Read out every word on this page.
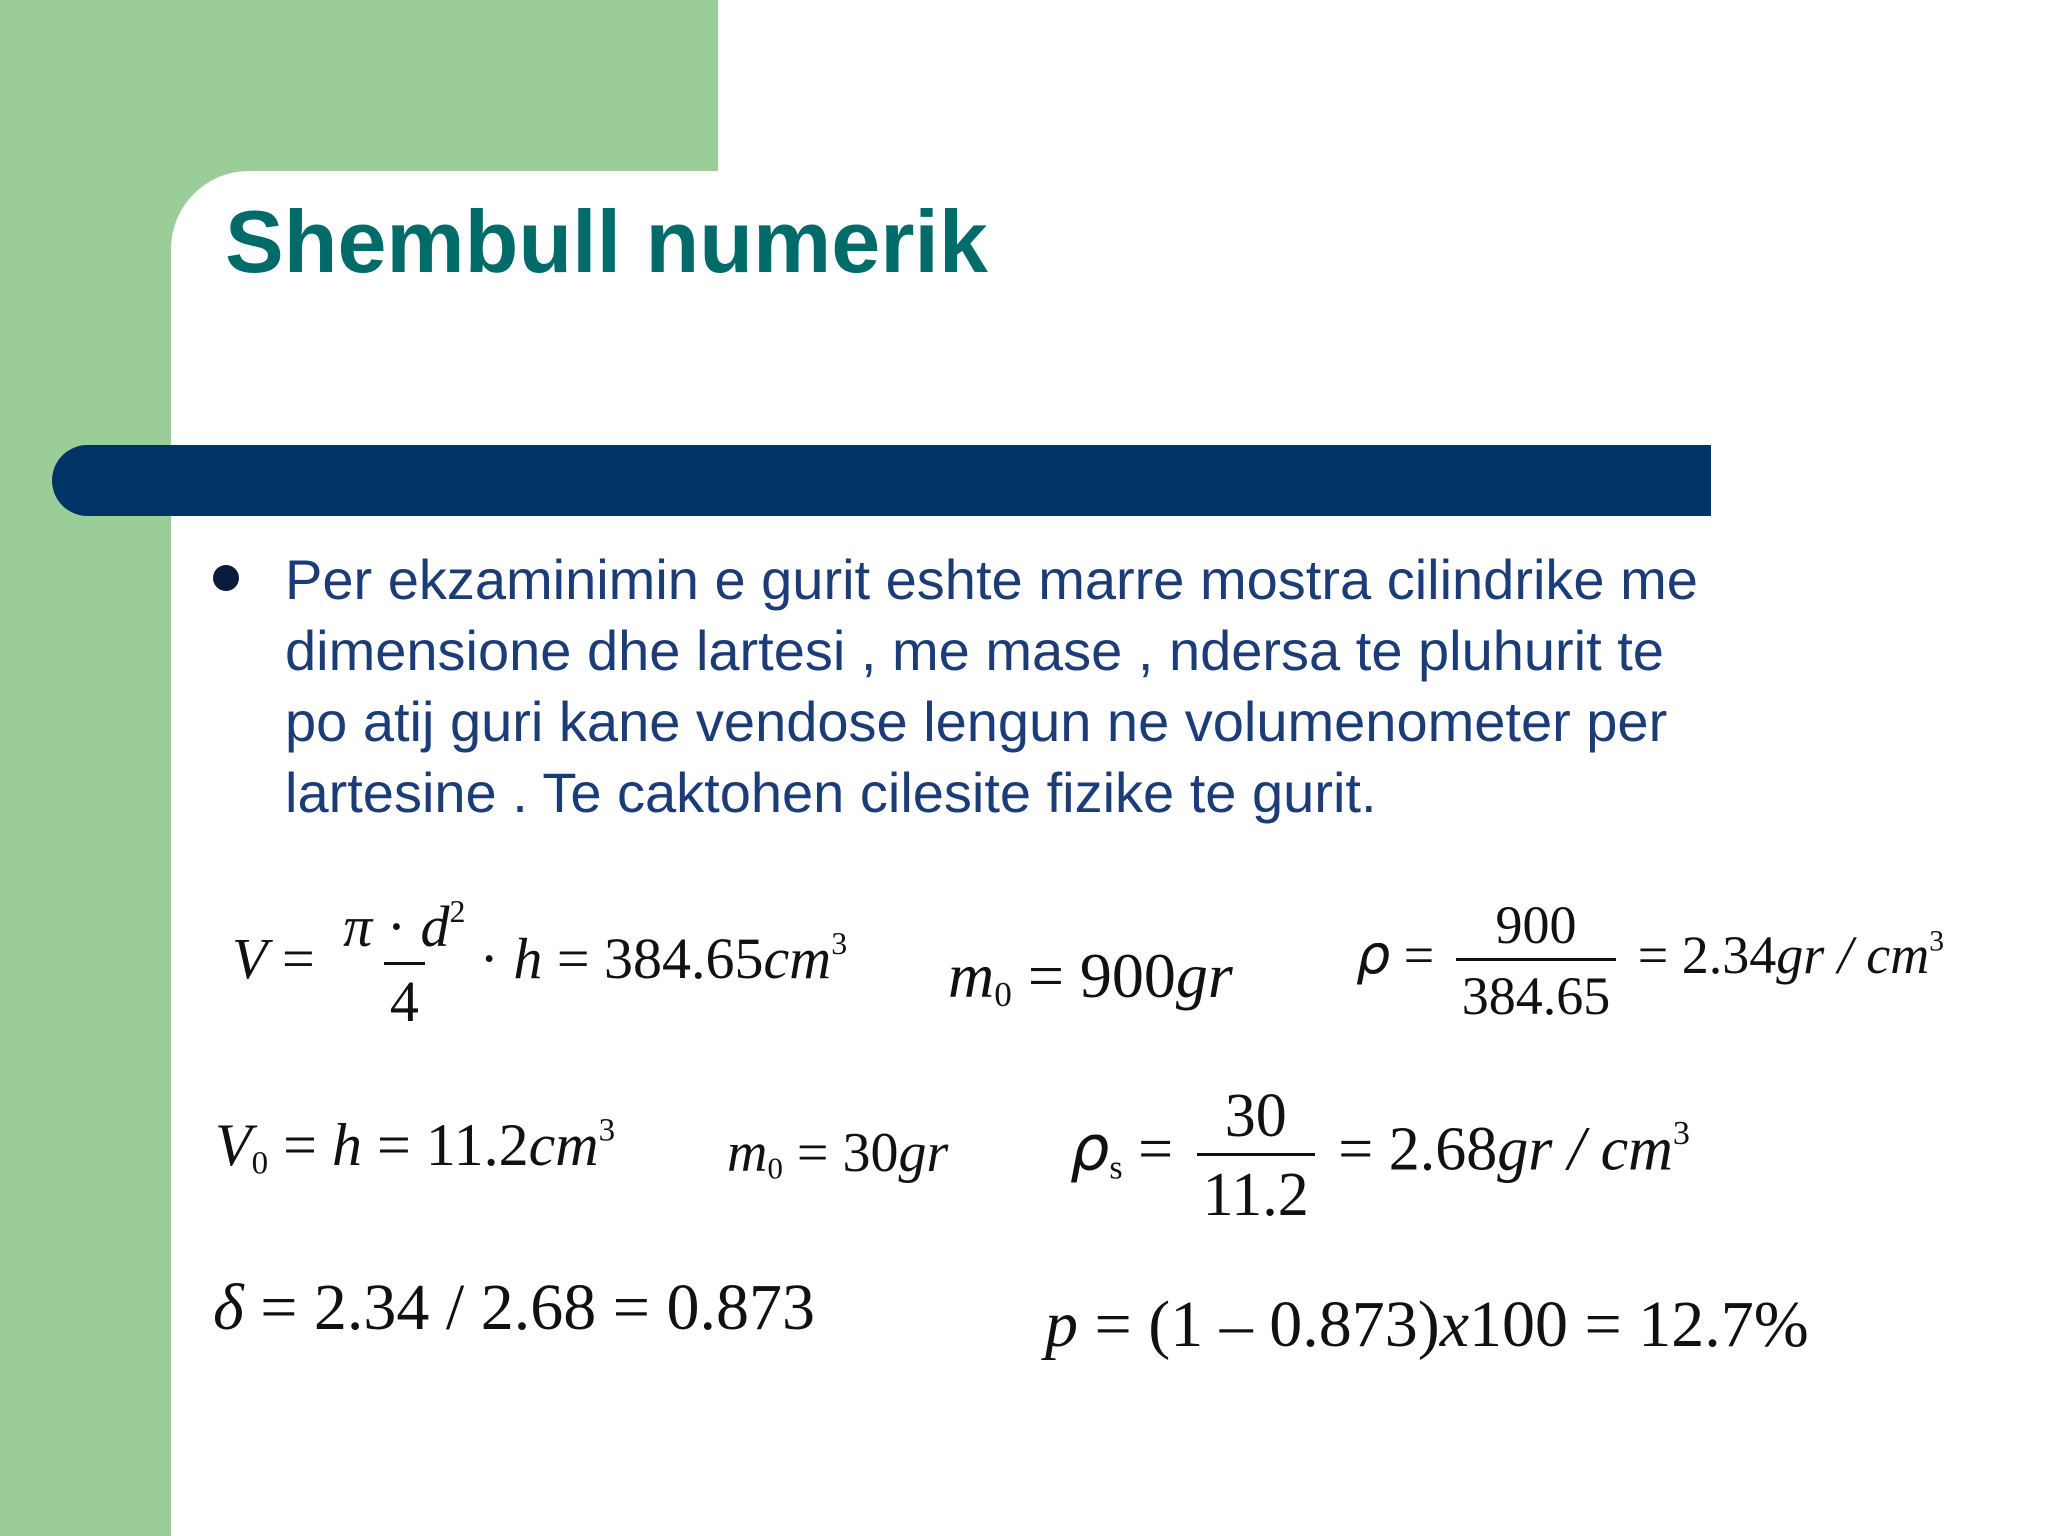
Shembull numerik
Per ekzaminimin e gurit eshte marre mostra cilindrike me
dimensione dhe lartesi , me mase , ndersa te pluhurit te
po atij guri kane vendose lengun ne volumenometer per
lartesine . Te caktohen cilesite fizike te gurit.
$V = \frac{\pi \cdot d^2}{4} \cdot h = 384.65cm^3$ $m_0 = 900gr$ $\rho = \frac{900}{384.65} = 2.34gr / cm^3$
$V_0 = h = 11.2cm^3$ $m_0 = 30gr$ $\rho_s = \frac{30}{11.2} = 2.68gr / cm^3$
δ = 2.34 / 2.68 = 0.873	p = (1 – 0.873)x100 = 12.7%
